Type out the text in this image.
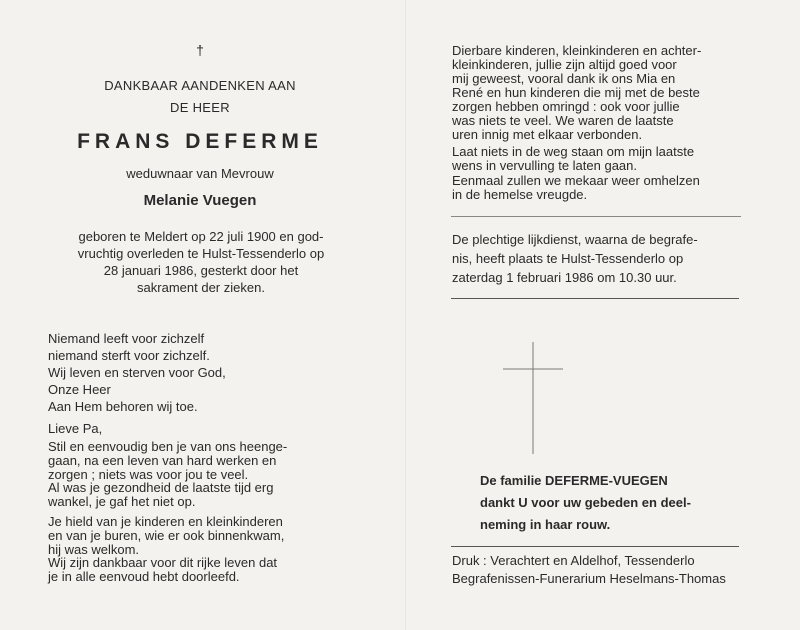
†
DANKBAAR AANDENKEN AAN
DE HEER
FRANS DEFERME
weduwnaar van Mevrouw
Melanie Vuegen
geboren te Meldert op 22 juli 1900 en god-
vruchtig overleden te Hulst-Tessenderlo op
28 januari 1986, gesterkt door het
sakrament der zieken.
Niemand leeft voor zichzelf
niemand sterft voor zichzelf.
Wij leven en sterven voor God,
Onze Heer
Aan Hem behoren wij toe.
Lieve Pa,
Stil en eenvoudig ben je van ons heenge-
gaan, na een leven van hard werken en
zorgen ; niets was voor jou te veel.
Al was je gezondheid de laatste tijd erg
wankel, je gaf het niet op.
Je hield van je kinderen en kleinkinderen
en van je buren, wie er ook binnenkwam,
hij was welkom.
Wij zijn dankbaar voor dit rijke leven dat
je in alle eenvoud hebt doorleefd.
Dierbare kinderen, kleinkinderen en achter-
kleinkinderen, jullie zijn altijd goed voor
mij geweest, vooral dank ik ons Mia en
René en hun kinderen die mij met de beste
zorgen hebben omringd : ook voor jullie
was niets te veel. We waren de laatste
uren innig met elkaar verbonden.
Laat niets in de weg staan om mijn laatste
wens in vervulling te laten gaan.
Eenmaal zullen we mekaar weer omhelzen
in de hemelse vreugde.
De plechtige lijkdienst, waarna de begrafe-
nis, heeft plaats te Hulst-Tessenderlo op
zaterdag 1 februari 1986 om 10.30 uur.
De familie DEFERME-VUEGEN
dankt U voor uw gebeden en deel-
neming in haar rouw.
Druk : Verachtert en Aldelhof, Tessenderlo
Begrafenissen-Funerarium Heselmans-Thomas
